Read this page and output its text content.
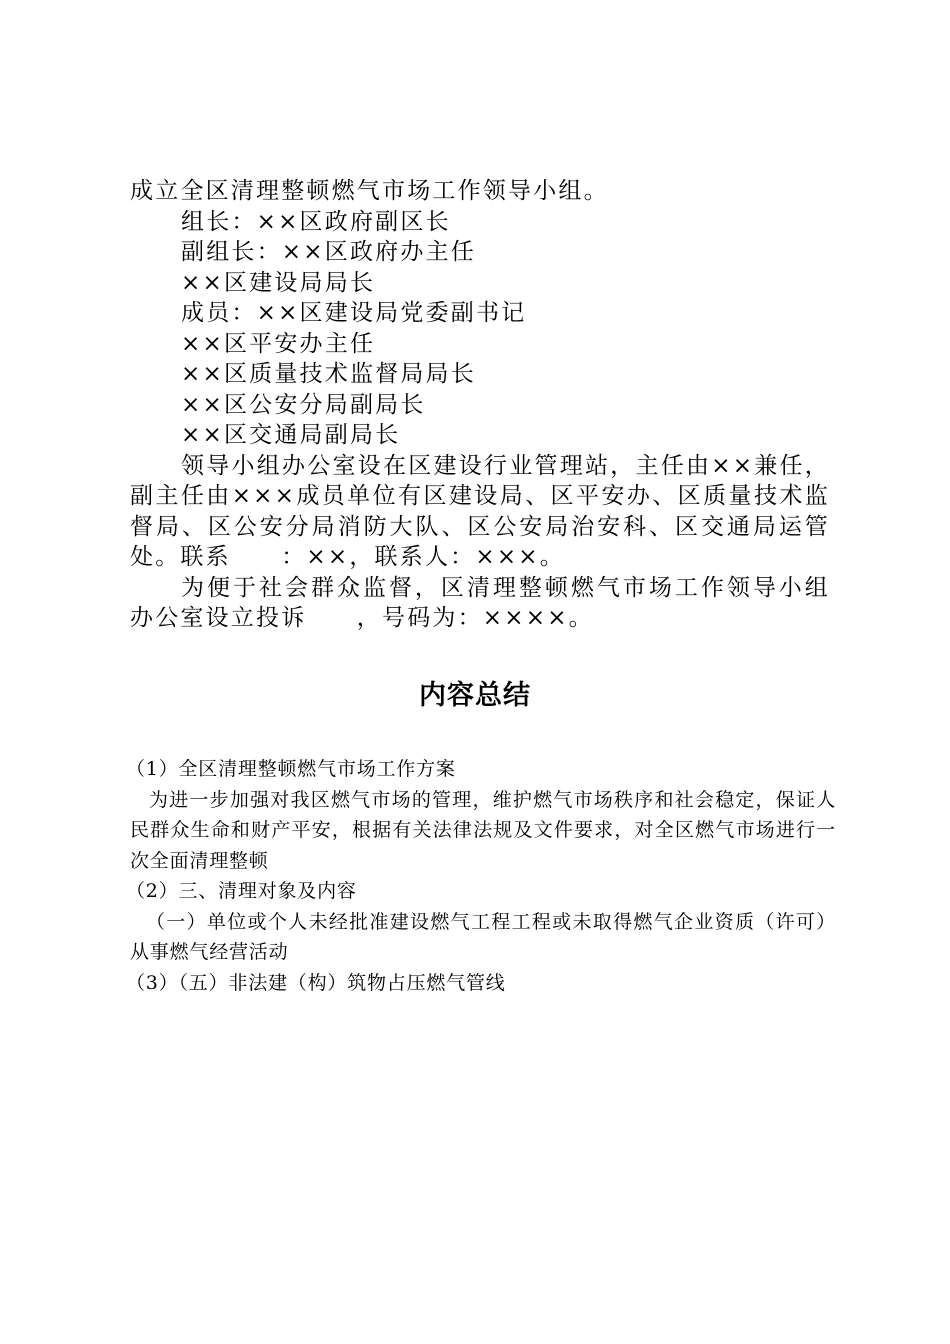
成立全区清理整顿燃气市场工作领导小组。

组长：××区政府副区长

副组长：××区政府办主任

××区建设局局长

成员：××区建设局党委副书记

××区平安办主任

××区质量技术监督局局长

××区公安分局副局长

××区交通局副局长

领导小组办公室设在区建设行业管理站，主任由××兼任，副主任由×××成员单位有区建设局、区平安办、区质量技术监督局、区公安分局消防大队、区公安局治安科、区交通局运管处。联系　　：××，联系人：×××。

为便于社会群众监督，区清理整顿燃气市场工作领导小组办公室设立投诉　　，号码为：××××。

内容总结

（1）全区清理整顿燃气市场工作方案

为进一步加强对我区燃气市场的管理，维护燃气市场秩序和社会稳定，保证人民群众生命和财产平安，根据有关法律法规及文件要求，对全区燃气市场进行一次全面清理整顿

（2）三、清理对象及内容

（一）单位或个人未经批准建设燃气工程工程或未取得燃气企业资质（许可）从事燃气经营活动

（3）（五）非法建（构）筑物占压燃气管线
